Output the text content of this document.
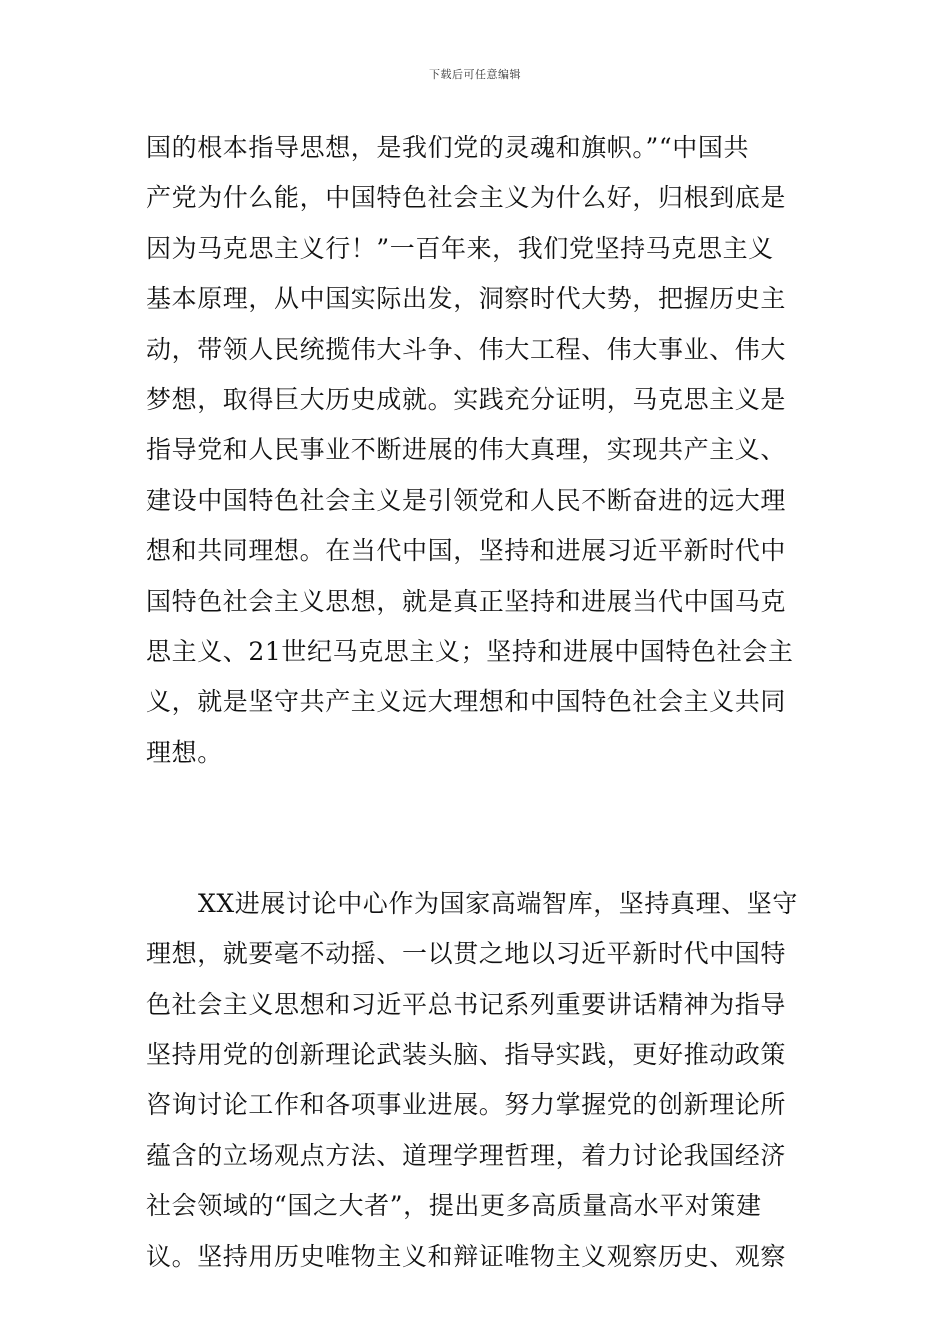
下载后可任意编辑
国的根本指导思想，是我们党的灵魂和旗帜。”“中国共
产党为什么能，中国特色社会主义为什么好，归根到底是
因为马克思主义行！”一百年来，我们党坚持马克思主义
基本原理，从中国实际出发，洞察时代大势，把握历史主
动，带领人民统揽伟大斗争、伟大工程、伟大事业、伟大
梦想，取得巨大历史成就。实践充分证明，马克思主义是
指导党和人民事业不断进展的伟大真理，实现共产主义、
建设中国特色社会主义是引领党和人民不断奋进的远大理
想和共同理想。在当代中国，坚持和进展习近平新时代中
国特色社会主义思想，就是真正坚持和进展当代中国马克
思主义、21世纪马克思主义；坚持和进展中国特色社会主
义，就是坚守共产主义远大理想和中国特色社会主义共同
理想。
XX进展讨论中心作为国家高端智库，坚持真理、坚守
理想，就要毫不动摇、一以贯之地以习近平新时代中国特
色社会主义思想和习近平总书记系列重要讲话精神为指导
坚持用党的创新理论武装头脑、指导实践，更好推动政策
咨询讨论工作和各项事业进展。努力掌握党的创新理论所
蕴含的立场观点方法、道理学理哲理，着力讨论我国经济
社会领域的“国之大者”，提出更多高质量高水平对策建
议。坚持用历史唯物主义和辩证唯物主义观察历史、观察
